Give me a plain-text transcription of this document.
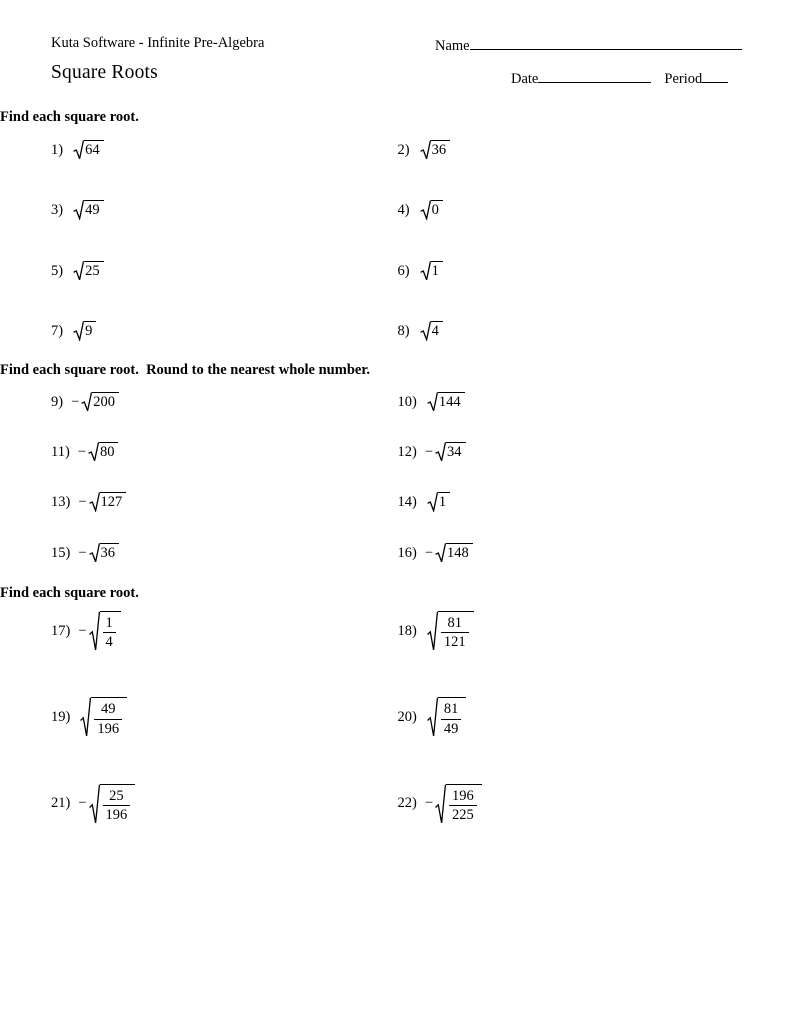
Kuta Software - Infinite Pre-Algebra	Name
Square Roots	Date	Period
Find each square root.
1) 64	2) 36
3) 49	4) 0
5) 25	6) 1
7) 9	8) 4
Find each square root.  Round to the nearest whole number.
9) − 200	10) 144
11) − 80	12) − 34
13) − 127	14) 1
15) − 36	16) − 148
Find each square root.
$17) - \frac{1}{4}$	$18) \frac{81}{121}$
$19) \frac{49}{196}$	$20) \frac{81}{49}$
$21) - \frac{25}{196}$	$22) - \frac{196}{225}$
